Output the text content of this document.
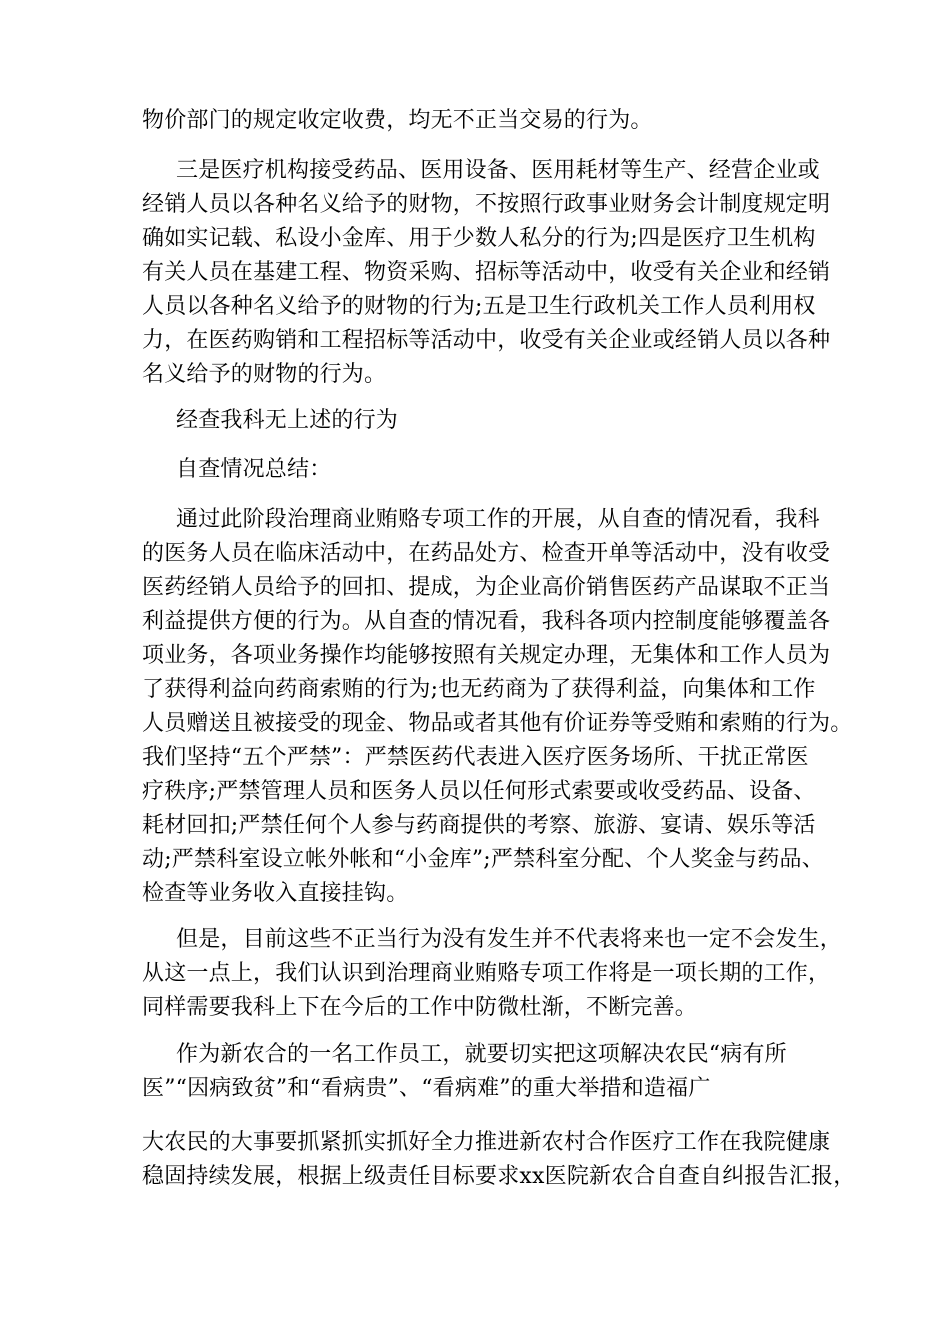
物价部门的规定收定收费，均无不正当交易的行为。
三是医疗机构接受药品、医用设备、医用耗材等生产、经营企业或
经销人员以各种名义给予的财物，不按照行政事业财务会计制度规定明
确如实记载、私设小金库、用于少数人私分的行为;四是医疗卫生机构
有关人员在基建工程、物资采购、招标等活动中，收受有关企业和经销
人员以各种名义给予的财物的行为;五是卫生行政机关工作人员利用权
力，在医药购销和工程招标等活动中，收受有关企业或经销人员以各种
名义给予的财物的行为。
经查我科无上述的行为
自查情况总结：
通过此阶段治理商业贿赂专项工作的开展，从自查的情况看，我科
的医务人员在临床活动中，在药品处方、检查开单等活动中，没有收受
医药经销人员给予的回扣、提成，为企业高价销售医药产品谋取不正当
利益提供方便的行为。从自查的情况看，我科各项内控制度能够覆盖各
项业务，各项业务操作均能够按照有关规定办理，无集体和工作人员为
了获得利益向药商索贿的行为;也无药商为了获得利益，向集体和工作
人员赠送且被接受的现金、物品或者其他有价证券等受贿和索贿的行为。
我们坚持“五个严禁”：严禁医药代表进入医疗医务场所、干扰正常医
疗秩序;严禁管理人员和医务人员以任何形式索要或收受药品、设备、
耗材回扣;严禁任何个人参与药商提供的考察、旅游、宴请、娱乐等活
动;严禁科室设立帐外帐和“小金库”;严禁科室分配、个人奖金与药品、
检查等业务收入直接挂钩。
但是，目前这些不正当行为没有发生并不代表将来也一定不会发生，
从这一点上，我们认识到治理商业贿赂专项工作将是一项长期的工作，
同样需要我科上下在今后的工作中防微杜渐，不断完善。
作为新农合的一名工作员工，就要切实把这项解决农民“病有所
医”“因病致贫”和“看病贵”、“看病难”的重大举措和造福广
大农民的大事要抓紧抓实抓好全力推进新农村合作医疗工作在我院健康
稳固持续发展，根据上级责任目标要求xx医院新农合自查自纠报告汇报，
